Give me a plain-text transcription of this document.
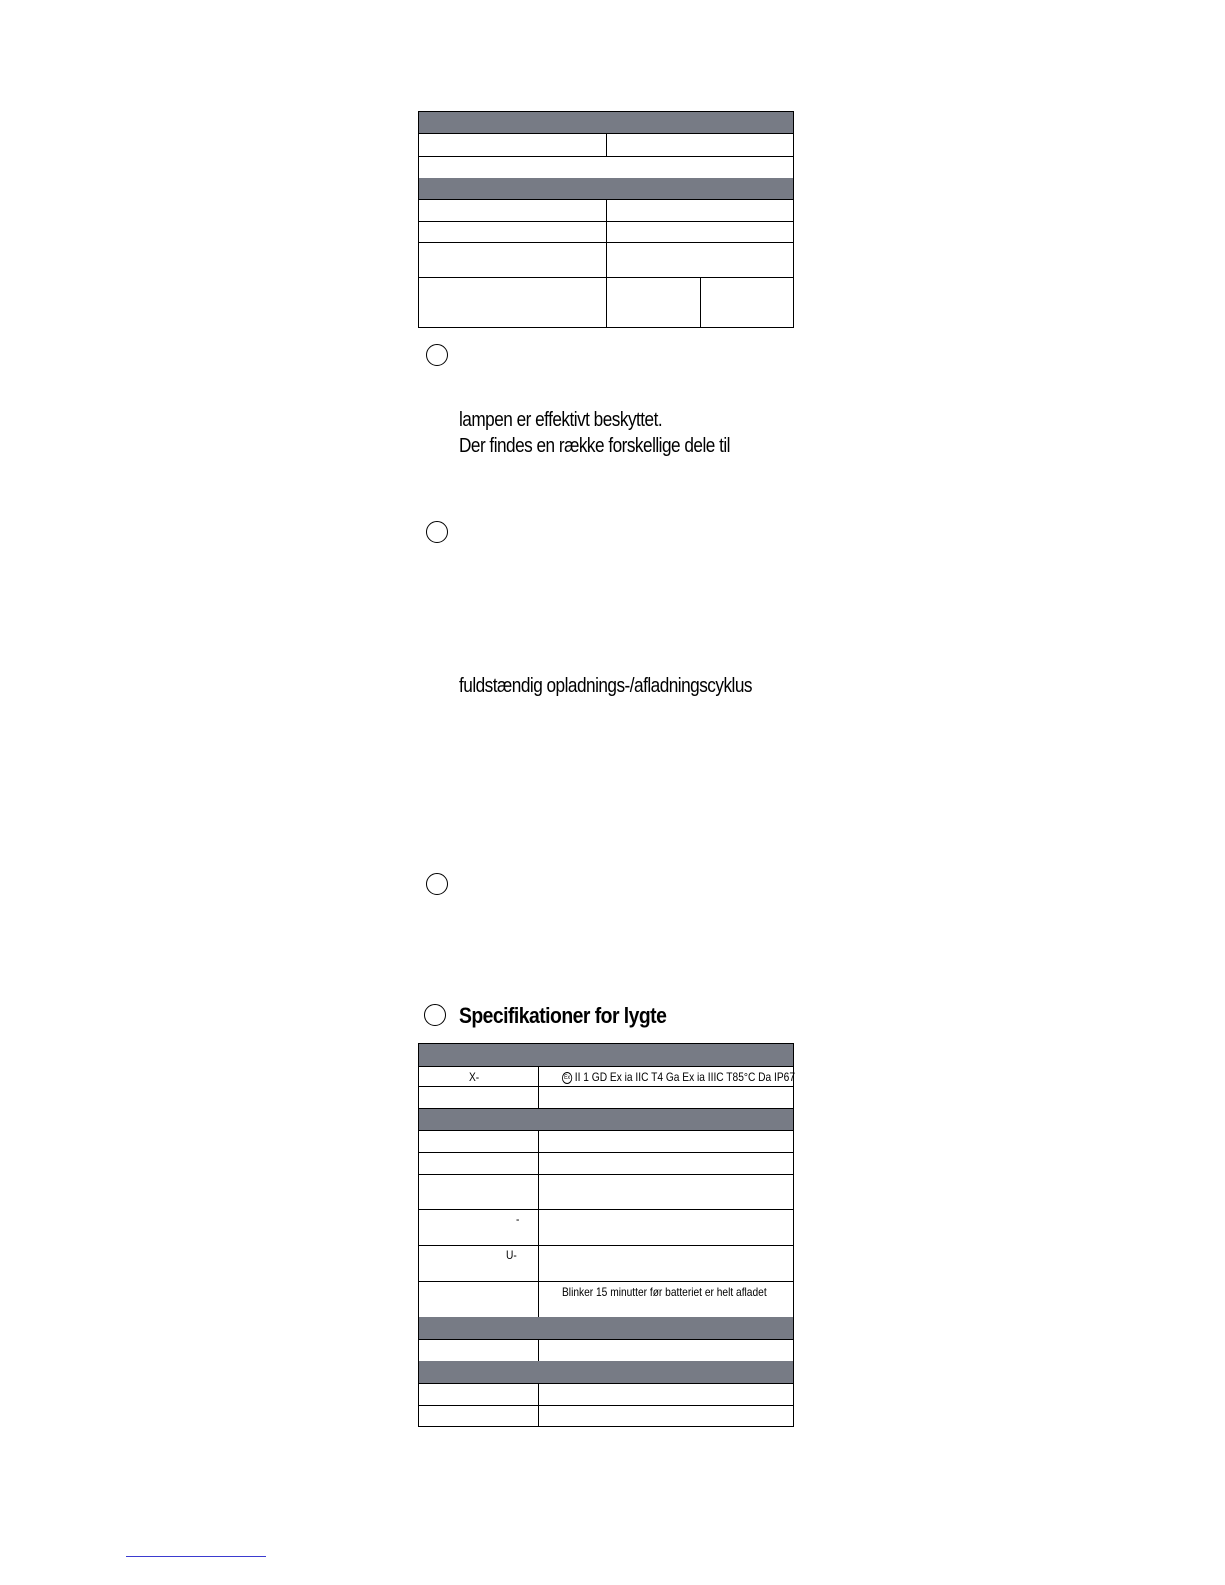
lampen er effektivt beskyttet.
Der findes en række forskellige dele til
fuldstændig opladnings-/afladningscyklus
Specifikationer for lygte
X-	Ex II 1 GD Ex ia IIC T4 Ga Ex ia IIIC T85°C Da IP67
-
U-
Blinker 15 minutter før batteriet er helt afladet
